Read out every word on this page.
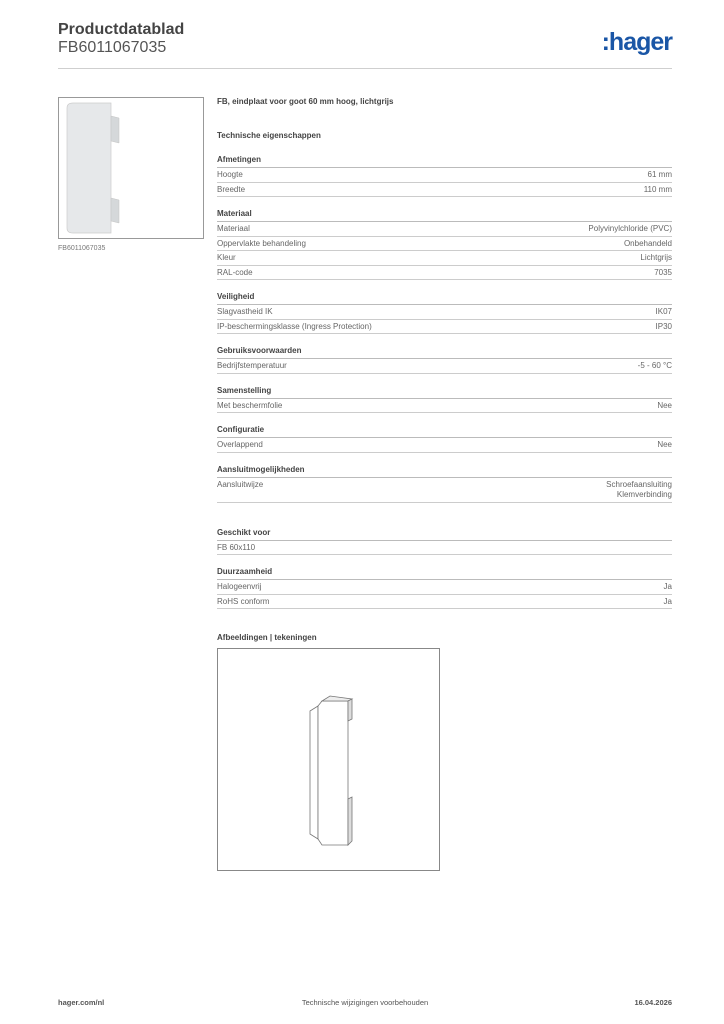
Productdatablad
FB6011067035	:hager
FB6011067035
FB, eindplaat voor goot 60 mm hoog, lichtgrijs
Technische eigenschappen
Afmetingen
Hoogte	61 mm
Breedte	110 mm
Materiaal
Materiaal	Polyvinylchloride (PVC)
Oppervlakte behandeling	Onbehandeld
Kleur	Lichtgrijs
RAL-code	7035
Veiligheid
Slagvastheid IK	IK07
IP-beschermingsklasse (Ingress Protection)	IP30
Gebruiksvoorwaarden
Bedrijfstemperatuur	-5 - 60 °C
Samenstelling
Met beschermfolie	Nee
Configuratie
Overlappend	Nee
Aansluitmogelijkheden
Aansluitwijze	Schroefaansluiting
Klemverbinding
Geschikt voor
FB 60x110
Duurzaamheid
Halogeenvrij	Ja
RoHS conform	Ja
Afbeeldingen | tekeningen
hager.com/nl	Technische wijzigingen voorbehouden	16.04.2026
